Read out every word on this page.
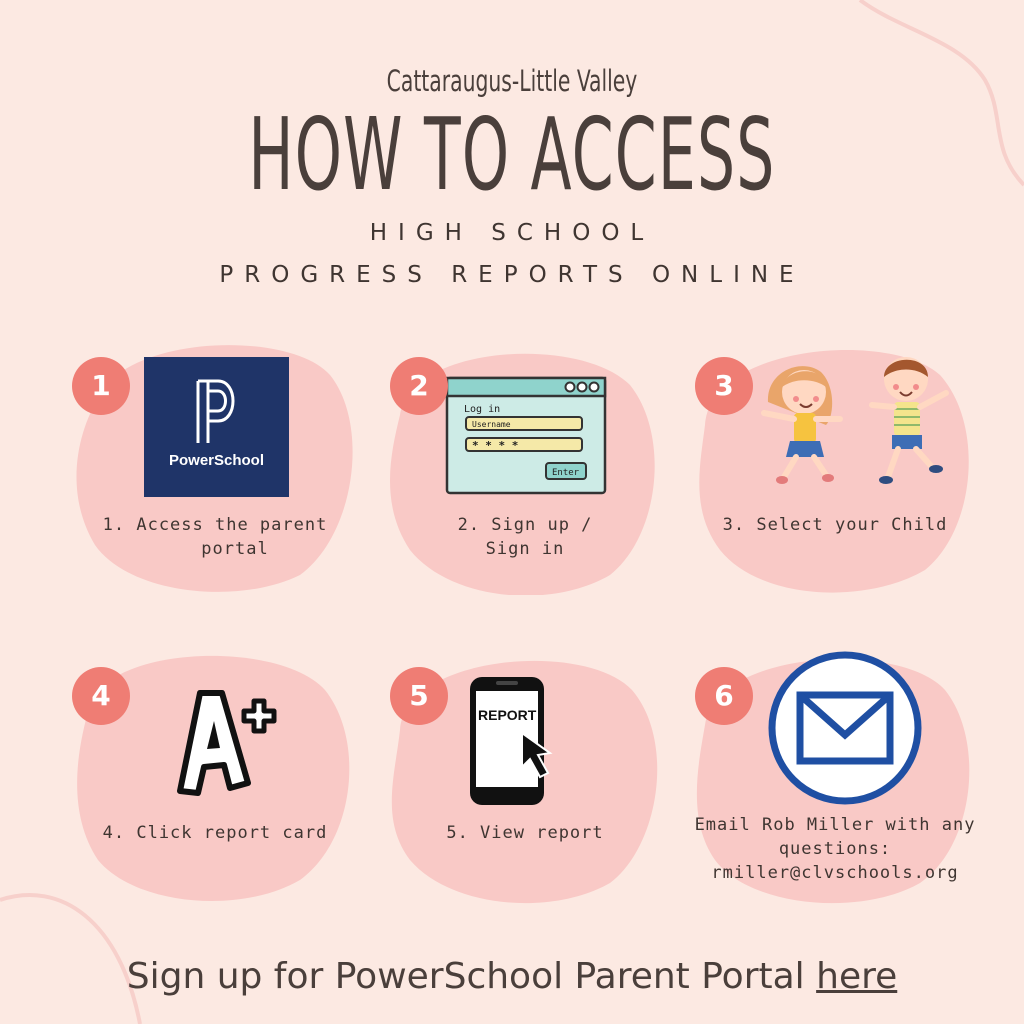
Cattaraugus-Little Valley
HOW TO ACCESS
HIGH SCHOOL
PROGRESS REPORTS ONLINE
PowerSchool
1
1. Access the parent
portal
Log in
Username
* * * *
Enter
2
2. Sign up /
Sign in
3
3. Select your Child
A+
4
4. Click report card
REPORT
5
5. View report
6
Email Rob Miller with any
questions:
rmiller@clvschools.org
Sign up for PowerSchool Parent Portal here
